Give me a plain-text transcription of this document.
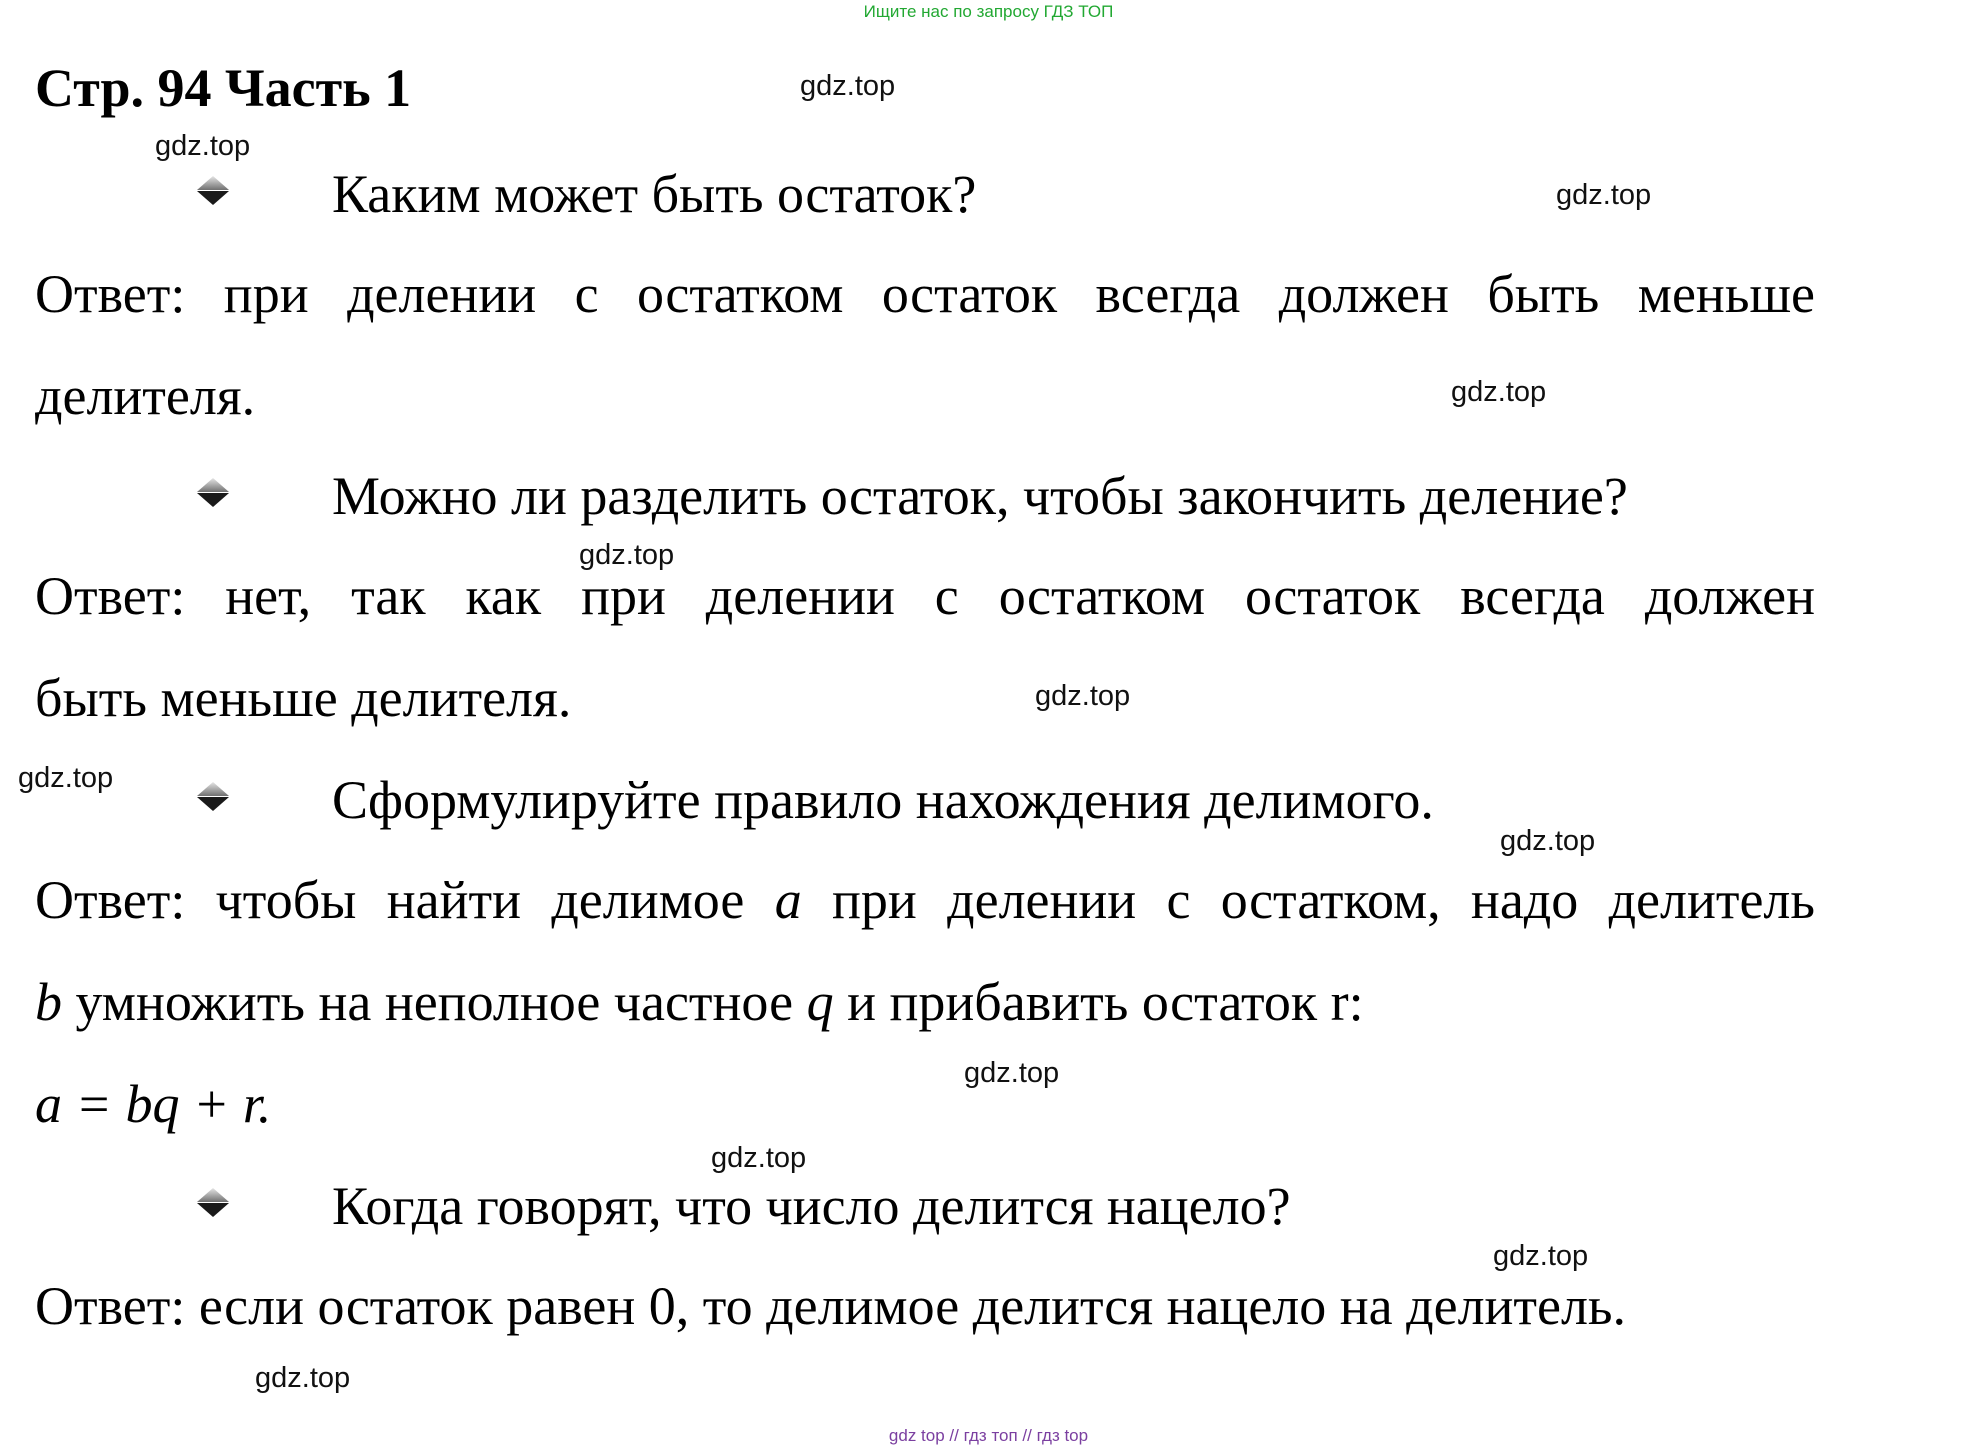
Ищите нас по запросу ГДЗ ТОП
Стр. 94 Часть 1	gdz.top
gdz.top
gdz.top
gdz.top
gdz.top
gdz.top
gdz.top
gdz.top
gdz.top
gdz.top
gdz.top
gdz.top
Каким может быть остаток?
Ответ: при делении с остатком остаток всегда должен быть меньше
делителя.
Можно ли разделить остаток, чтобы закончить деление?
Ответ: нет, так как при делении с остатком остаток всегда должен
быть меньше делителя.
Сформулируйте правило нахождения делимого.
Ответ: чтобы найти делимое a при делении с остатком, надо делитель
b умножить на неполное частное q и прибавить остаток r:
a = bq + r.
Когда говорят, что число делится нацело?
Ответ: если остаток равен 0, то делимое делится нацело на делитель.
gdz top // гдз топ // гдз top
